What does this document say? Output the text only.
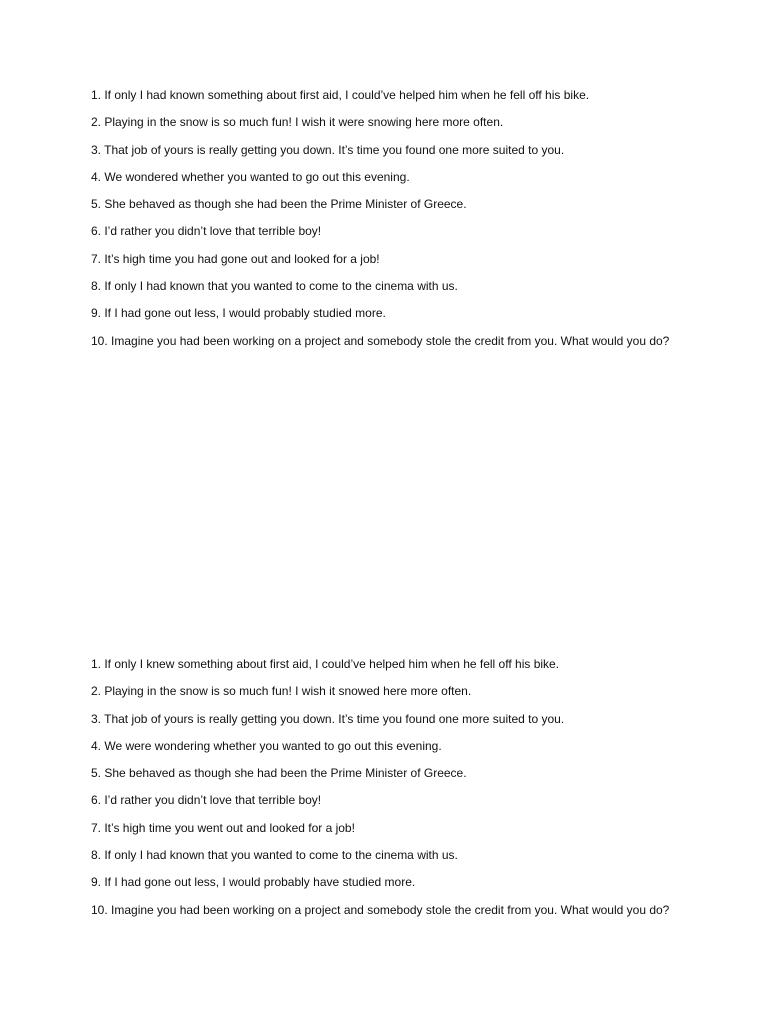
1. If only I had known something about first aid, I could’ve helped him when he fell off his bike.

2. Playing in the snow is so much fun! I wish it were snowing here more often.

3. That job of yours is really getting you down. It’s time you found one more suited to you.

4. We wondered whether you wanted to go out this evening.

5. She behaved as though she had been the Prime Minister of Greece.

6. I’d rather you didn’t love that terrible boy!

7. It’s high time you had gone out and looked for a job!

8. If only I had known that you wanted to come to the cinema with us.

9. If I had gone out less, I would probably studied more.

10. Imagine you had been working on a project and somebody stole the credit from you. What would you do?

1. If only I knew something about first aid, I could’ve helped him when he fell off his bike.

2. Playing in the snow is so much fun! I wish it snowed here more often.

3. That job of yours is really getting you down. It’s time you found one more suited to you.

4. We were wondering whether you wanted to go out this evening.

5. She behaved as though she had been the Prime Minister of Greece.

6. I’d rather you didn’t love that terrible boy!

7. It’s high time you went out and looked for a job!

8. If only I had known that you wanted to come to the cinema with us.

9. If I had gone out less, I would probably have studied more.

10. Imagine you had been working on a project and somebody stole the credit from you. What would you do?
